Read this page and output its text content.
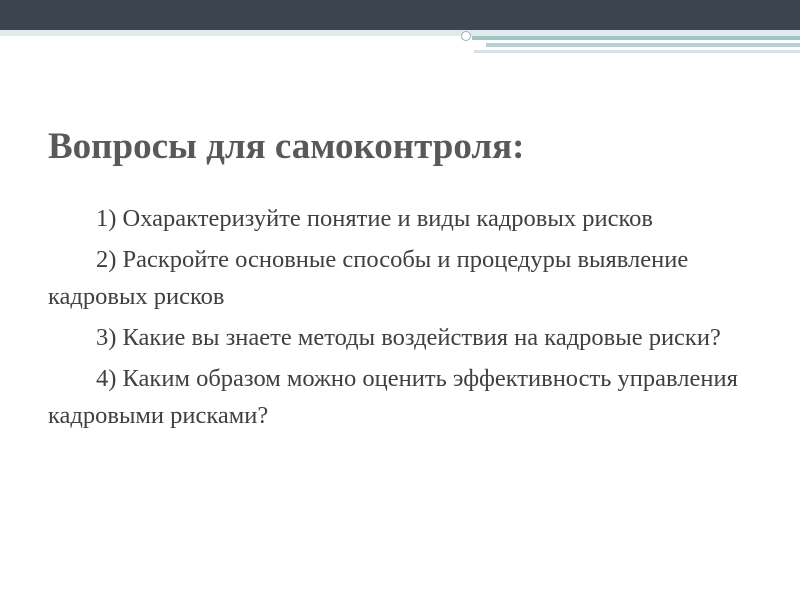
Вопросы для самоконтроля:
1) Охарактеризуйте понятие и виды кадровых рисков
2) Раскройте основные способы и процедуры выявление кадровых рисков
3) Какие вы знаете методы воздействия на кадровые риски?
4) Каким образом можно оценить эффективность управления кадровыми рисками?
